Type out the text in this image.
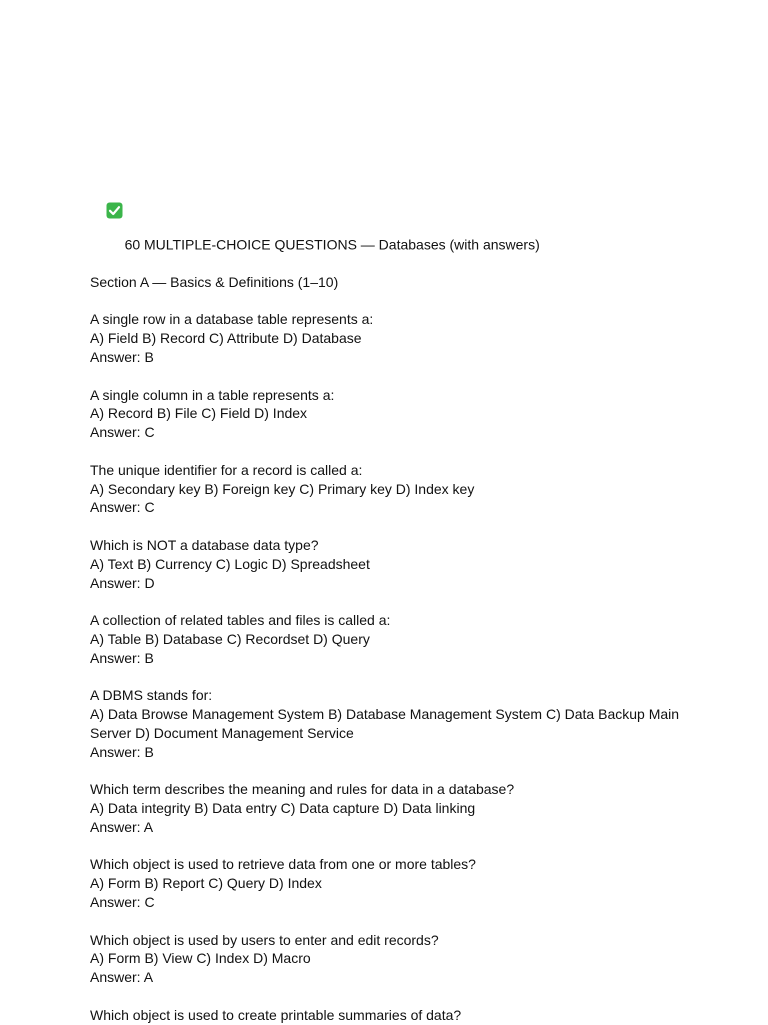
60 MULTIPLE-CHOICE QUESTIONS — Databases (with answers)

Section A — Basics & Definitions (1–10)
A single row in a database table represents a:
A) Field B) Record C) Attribute D) Database
Answer: B
A single column in a table represents a:
A) Record B) File C) Field D) Index
Answer: C
The unique identifier for a record is called a:
A) Secondary key B) Foreign key C) Primary key D) Index key
Answer: C
Which is NOT a database data type?
A) Text B) Currency C) Logic D) Spreadsheet
Answer: D
A collection of related tables and files is called a:
A) Table B) Database C) Recordset D) Query
Answer: B
A DBMS stands for:
A) Data Browse Management System B) Database Management System C) Data Backup Main Server D) Document Management Service
Answer: B
Which term describes the meaning and rules for data in a database?
A) Data integrity B) Data entry C) Data capture D) Data linking
Answer: A
Which object is used to retrieve data from one or more tables?
A) Form B) Report C) Query D) Index
Answer: C
Which object is used by users to enter and edit records?
A) Form B) View C) Index D) Macro
Answer: A
Which object is used to create printable summaries of data?
